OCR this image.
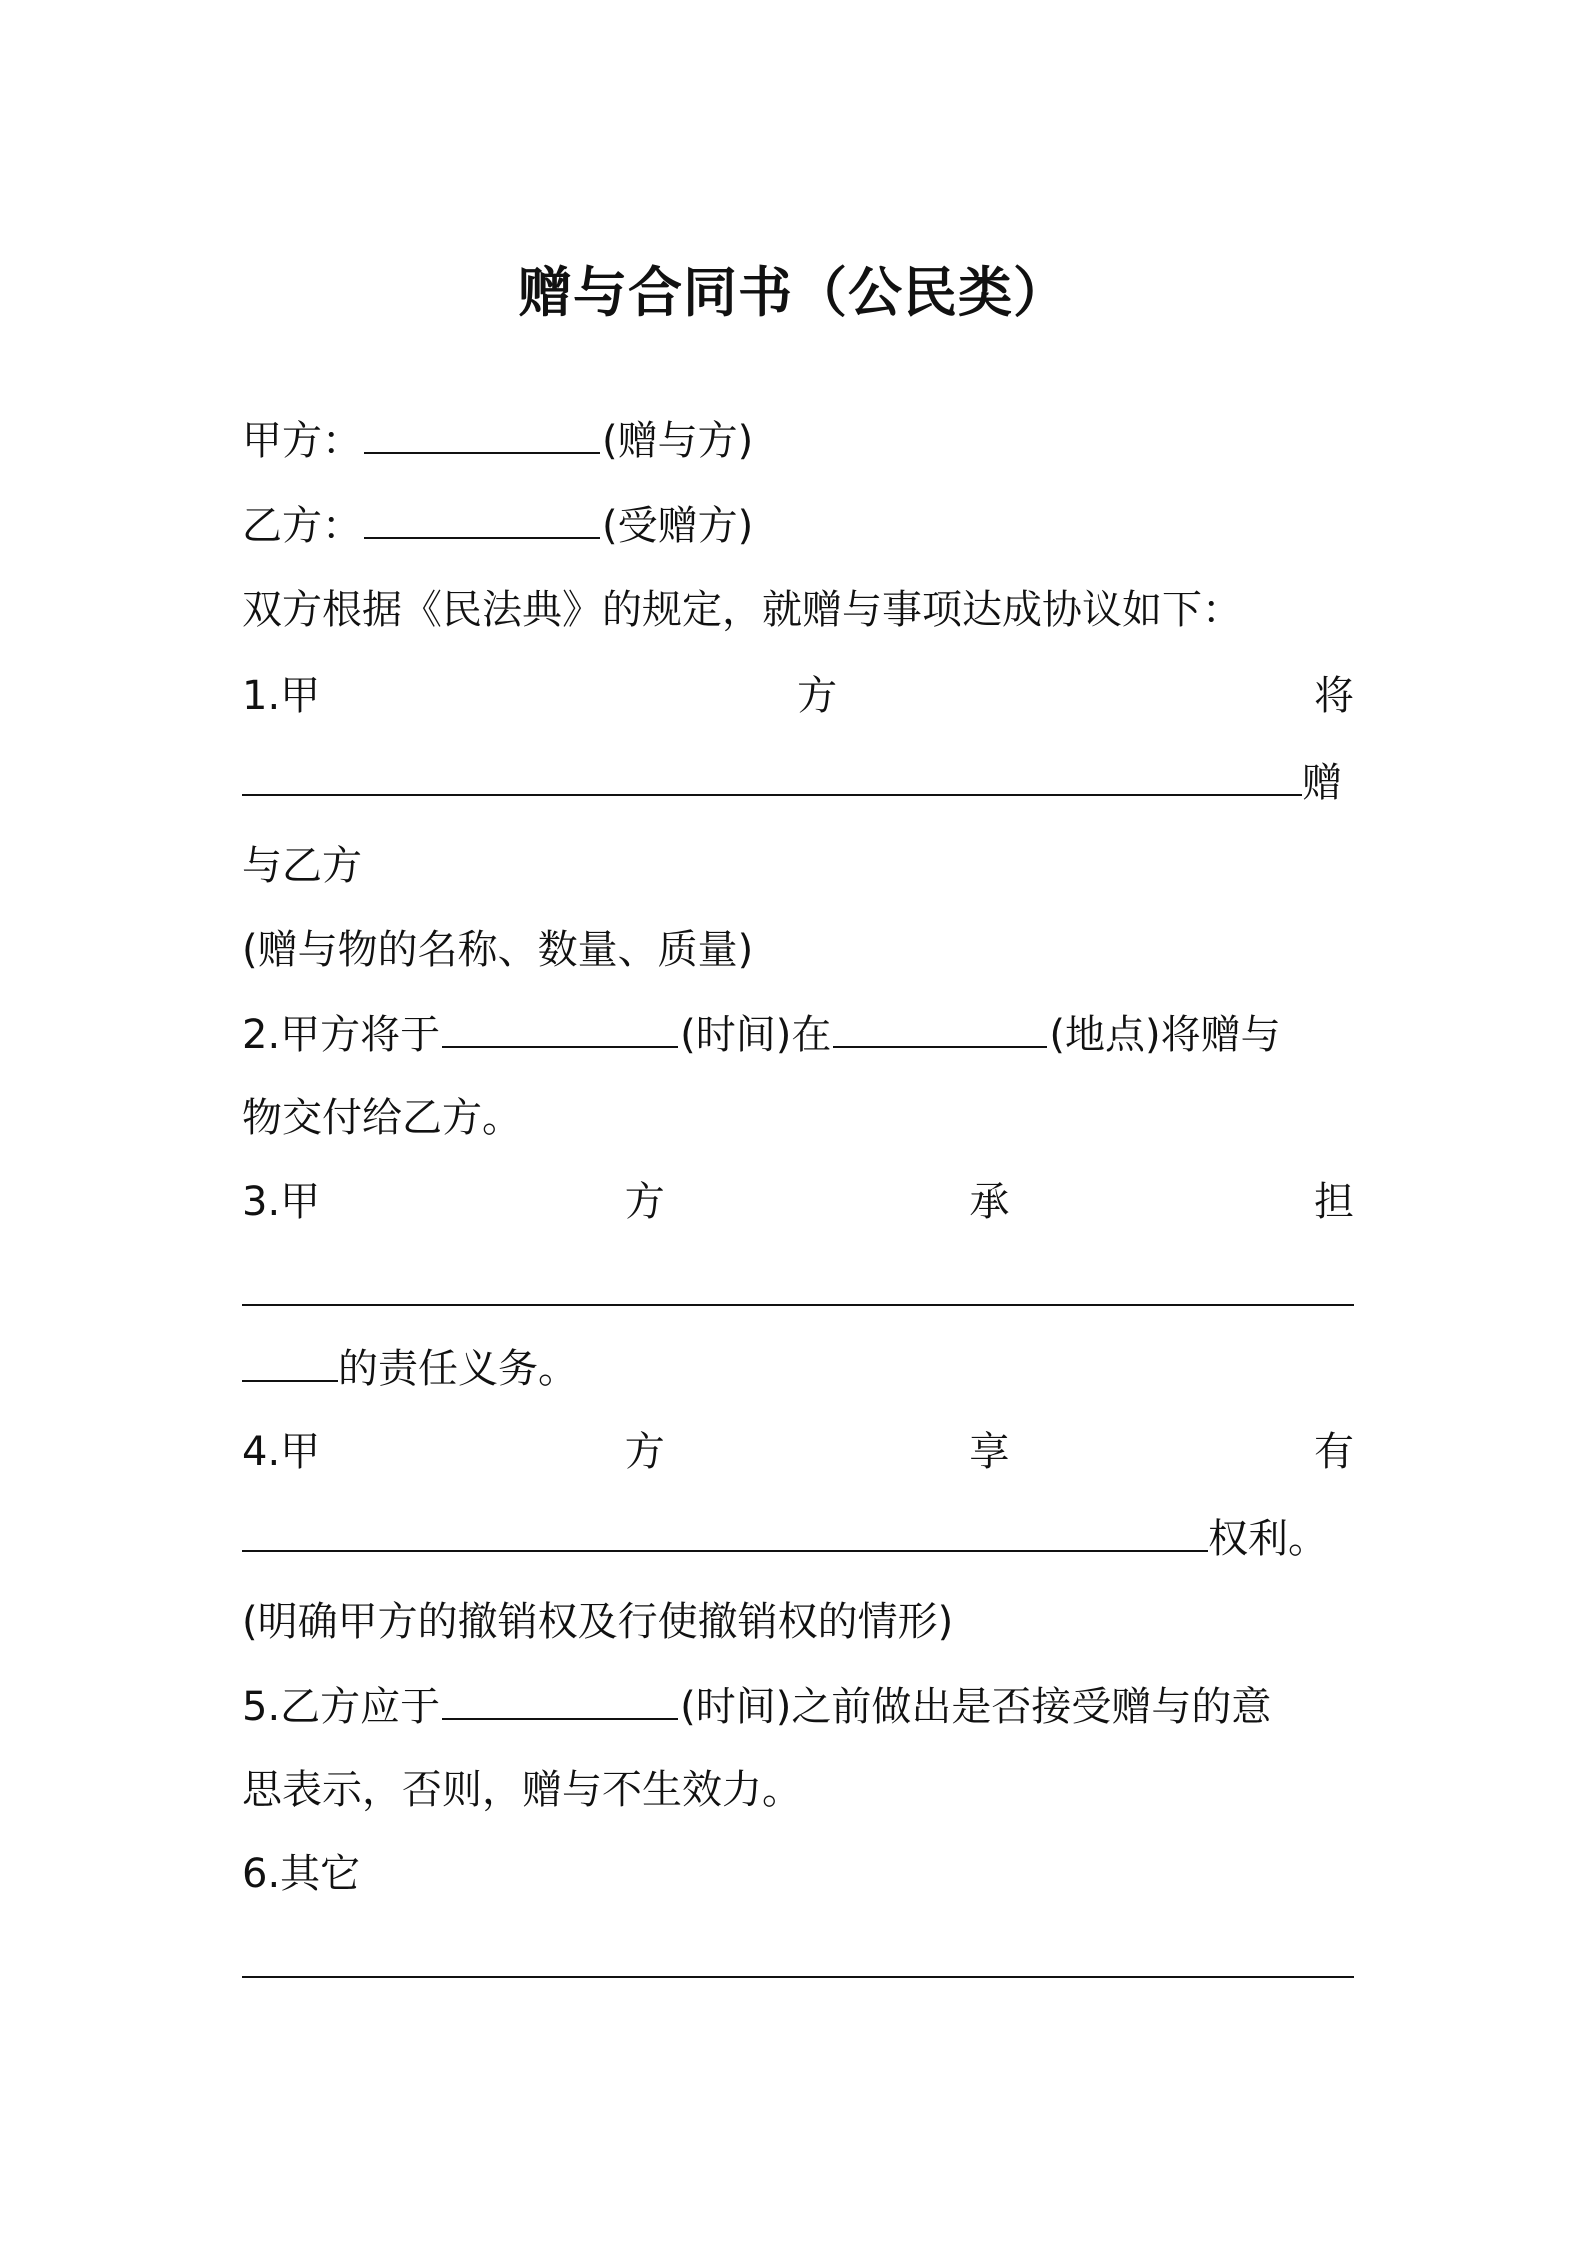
赠与合同书（公民类）
甲方：	(赠与方)
乙方：	(受赠方)
双方根据《民法典》的规定，就赠与事项达成协议如下：
1.甲	方	将
赠
与乙方
(赠与物的名称、数量、质量)
2.甲方将于	(时间)在	(地点)将赠与
物交付给乙方。
3.甲	方	承	担
的责任义务。
4.甲	方	享	有
权利。
(明确甲方的撤销权及行使撤销权的情形)
5.乙方应于	(时间)之前做出是否接受赠与的意
思表示，否则，赠与不生效力。
6.其它
